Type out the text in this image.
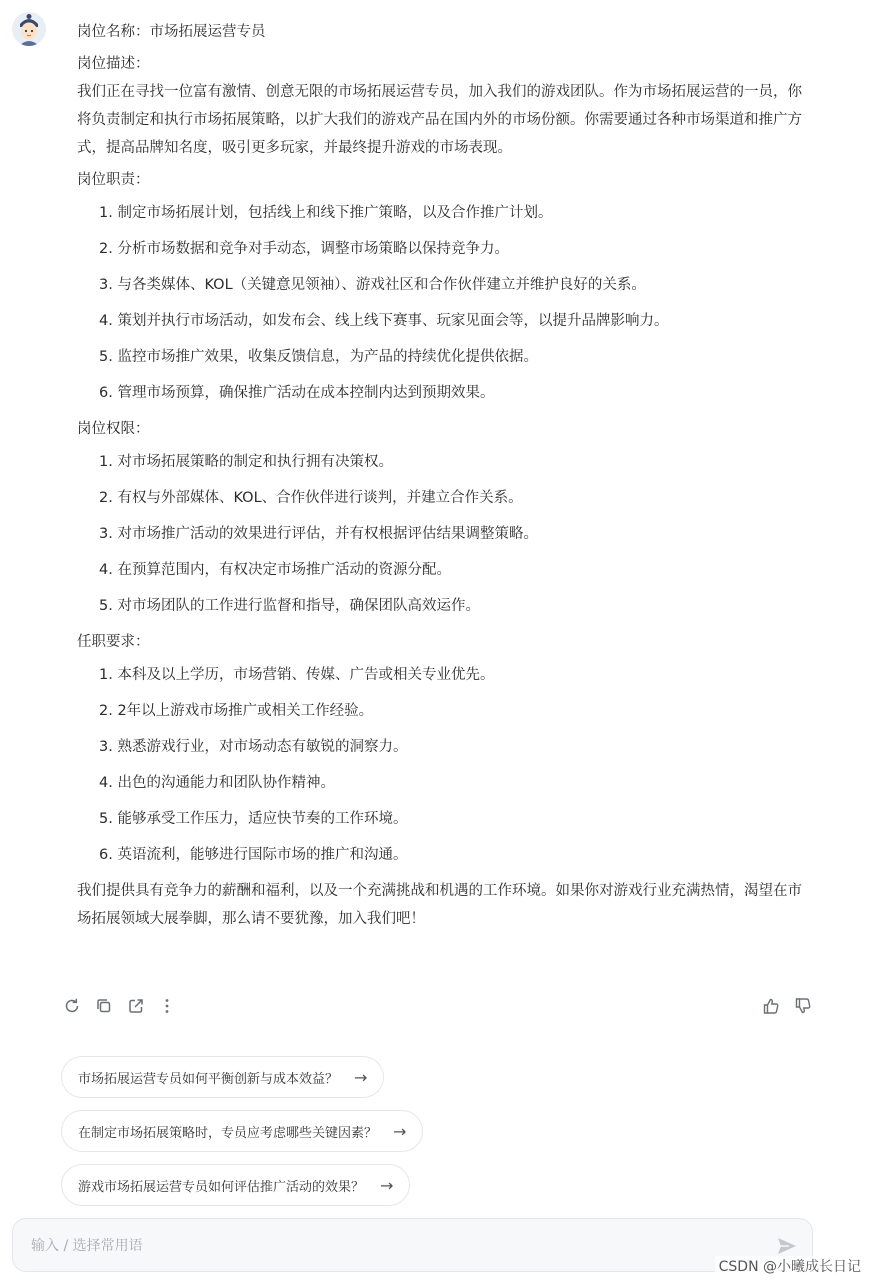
岗位名称：市场拓展运营专员

岗位描述：

我们正在寻找一位富有激情、创意无限的市场拓展运营专员，加入我们的游戏团队。作为市场拓展运营的一员，你将负责制定和执行市场拓展策略，以扩大我们的游戏产品在国内外的市场份额。你需要通过各种市场渠道和推广方式，提高品牌知名度，吸引更多玩家，并最终提升游戏的市场表现。

岗位职责：

1. 制定市场拓展计划，包括线上和线下推广策略，以及合作推广计划。
2. 分析市场数据和竞争对手动态，调整市场策略以保持竞争力。
3. 与各类媒体、KOL（关键意见领袖）、游戏社区和合作伙伴建立并维护良好的关系。
4. 策划并执行市场活动，如发布会、线上线下赛事、玩家见面会等，以提升品牌影响力。
5. 监控市场推广效果，收集反馈信息，为产品的持续优化提供依据。
6. 管理市场预算，确保推广活动在成本控制内达到预期效果。

岗位权限：

1. 对市场拓展策略的制定和执行拥有决策权。
2. 有权与外部媒体、KOL、合作伙伴进行谈判，并建立合作关系。
3. 对市场推广活动的效果进行评估，并有权根据评估结果调整策略。
4. 在预算范围内，有权决定市场推广活动的资源分配。
5. 对市场团队的工作进行监督和指导，确保团队高效运作。

任职要求：

1. 本科及以上学历，市场营销、传媒、广告或相关专业优先。
2. 2年以上游戏市场推广或相关工作经验。
3. 熟悉游戏行业，对市场动态有敏锐的洞察力。
4. 出色的沟通能力和团队协作精神。
5. 能够承受工作压力，适应快节奏的工作环境。
6. 英语流利，能够进行国际市场的推广和沟通。

我们提供具有竞争力的薪酬和福利，以及一个充满挑战和机遇的工作环境。如果你对游戏行业充满热情，渴望在市场拓展领域大展拳脚，那么请不要犹豫，加入我们吧！

市场拓展运营专员如何平衡创新与成本效益？ →
在制定市场拓展策略时，专员应考虑哪些关键因素？ →
游戏市场拓展运营专员如何评估推广活动的效果？ →
输入 / 选择常用语
CSDN @小曦成长日记
